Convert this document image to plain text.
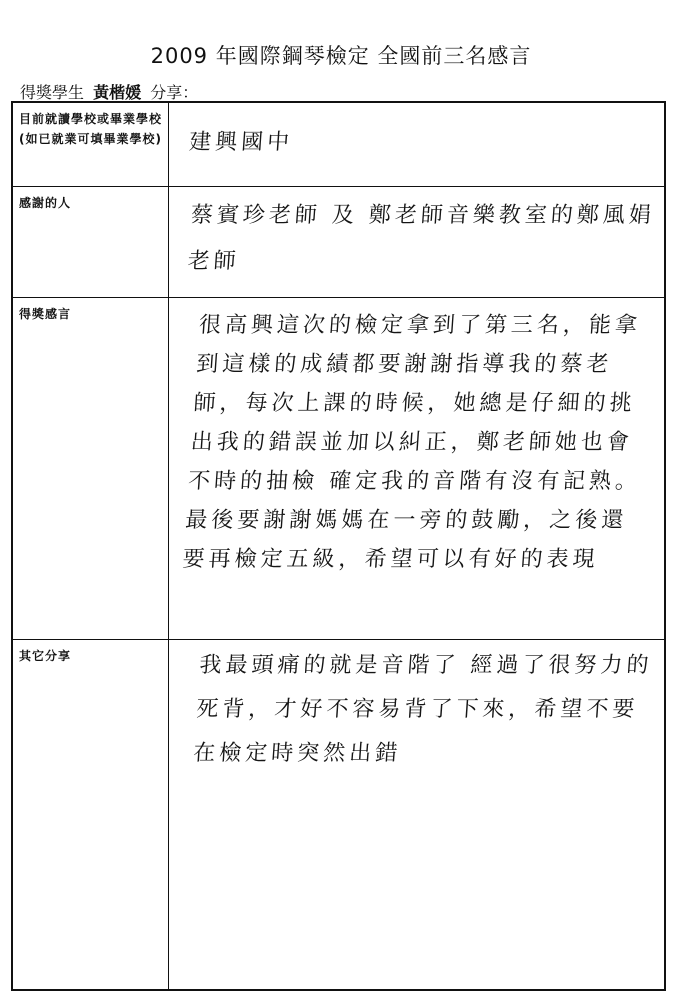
2009 年國際鋼琴檢定 全國前三名感言
得獎學生 黃楷媛 分享：
目前就讀學校或畢業學校(如已就業可填畢業學校)	建興國中
感謝的人	蔡賓珍老師 及 鄭老師音樂教室的鄭風娟老師
得獎感言	很高興這次的檢定拿到了第三名，能拿到這樣的成績都要謝謝指導我的蔡老師，每次上課的時候，她總是仔細的挑出我的錯誤並加以糾正，鄭老師她也會不時的抽檢 確定我的音階有沒有記熟。最後要謝謝媽媽在一旁的鼓勵，之後還要再檢定五級，希望可以有好的表現
其它分享	我最頭痛的就是音階了 經過了很努力的死背，才好不容易背了下來，希望不要在檢定時突然出錯
